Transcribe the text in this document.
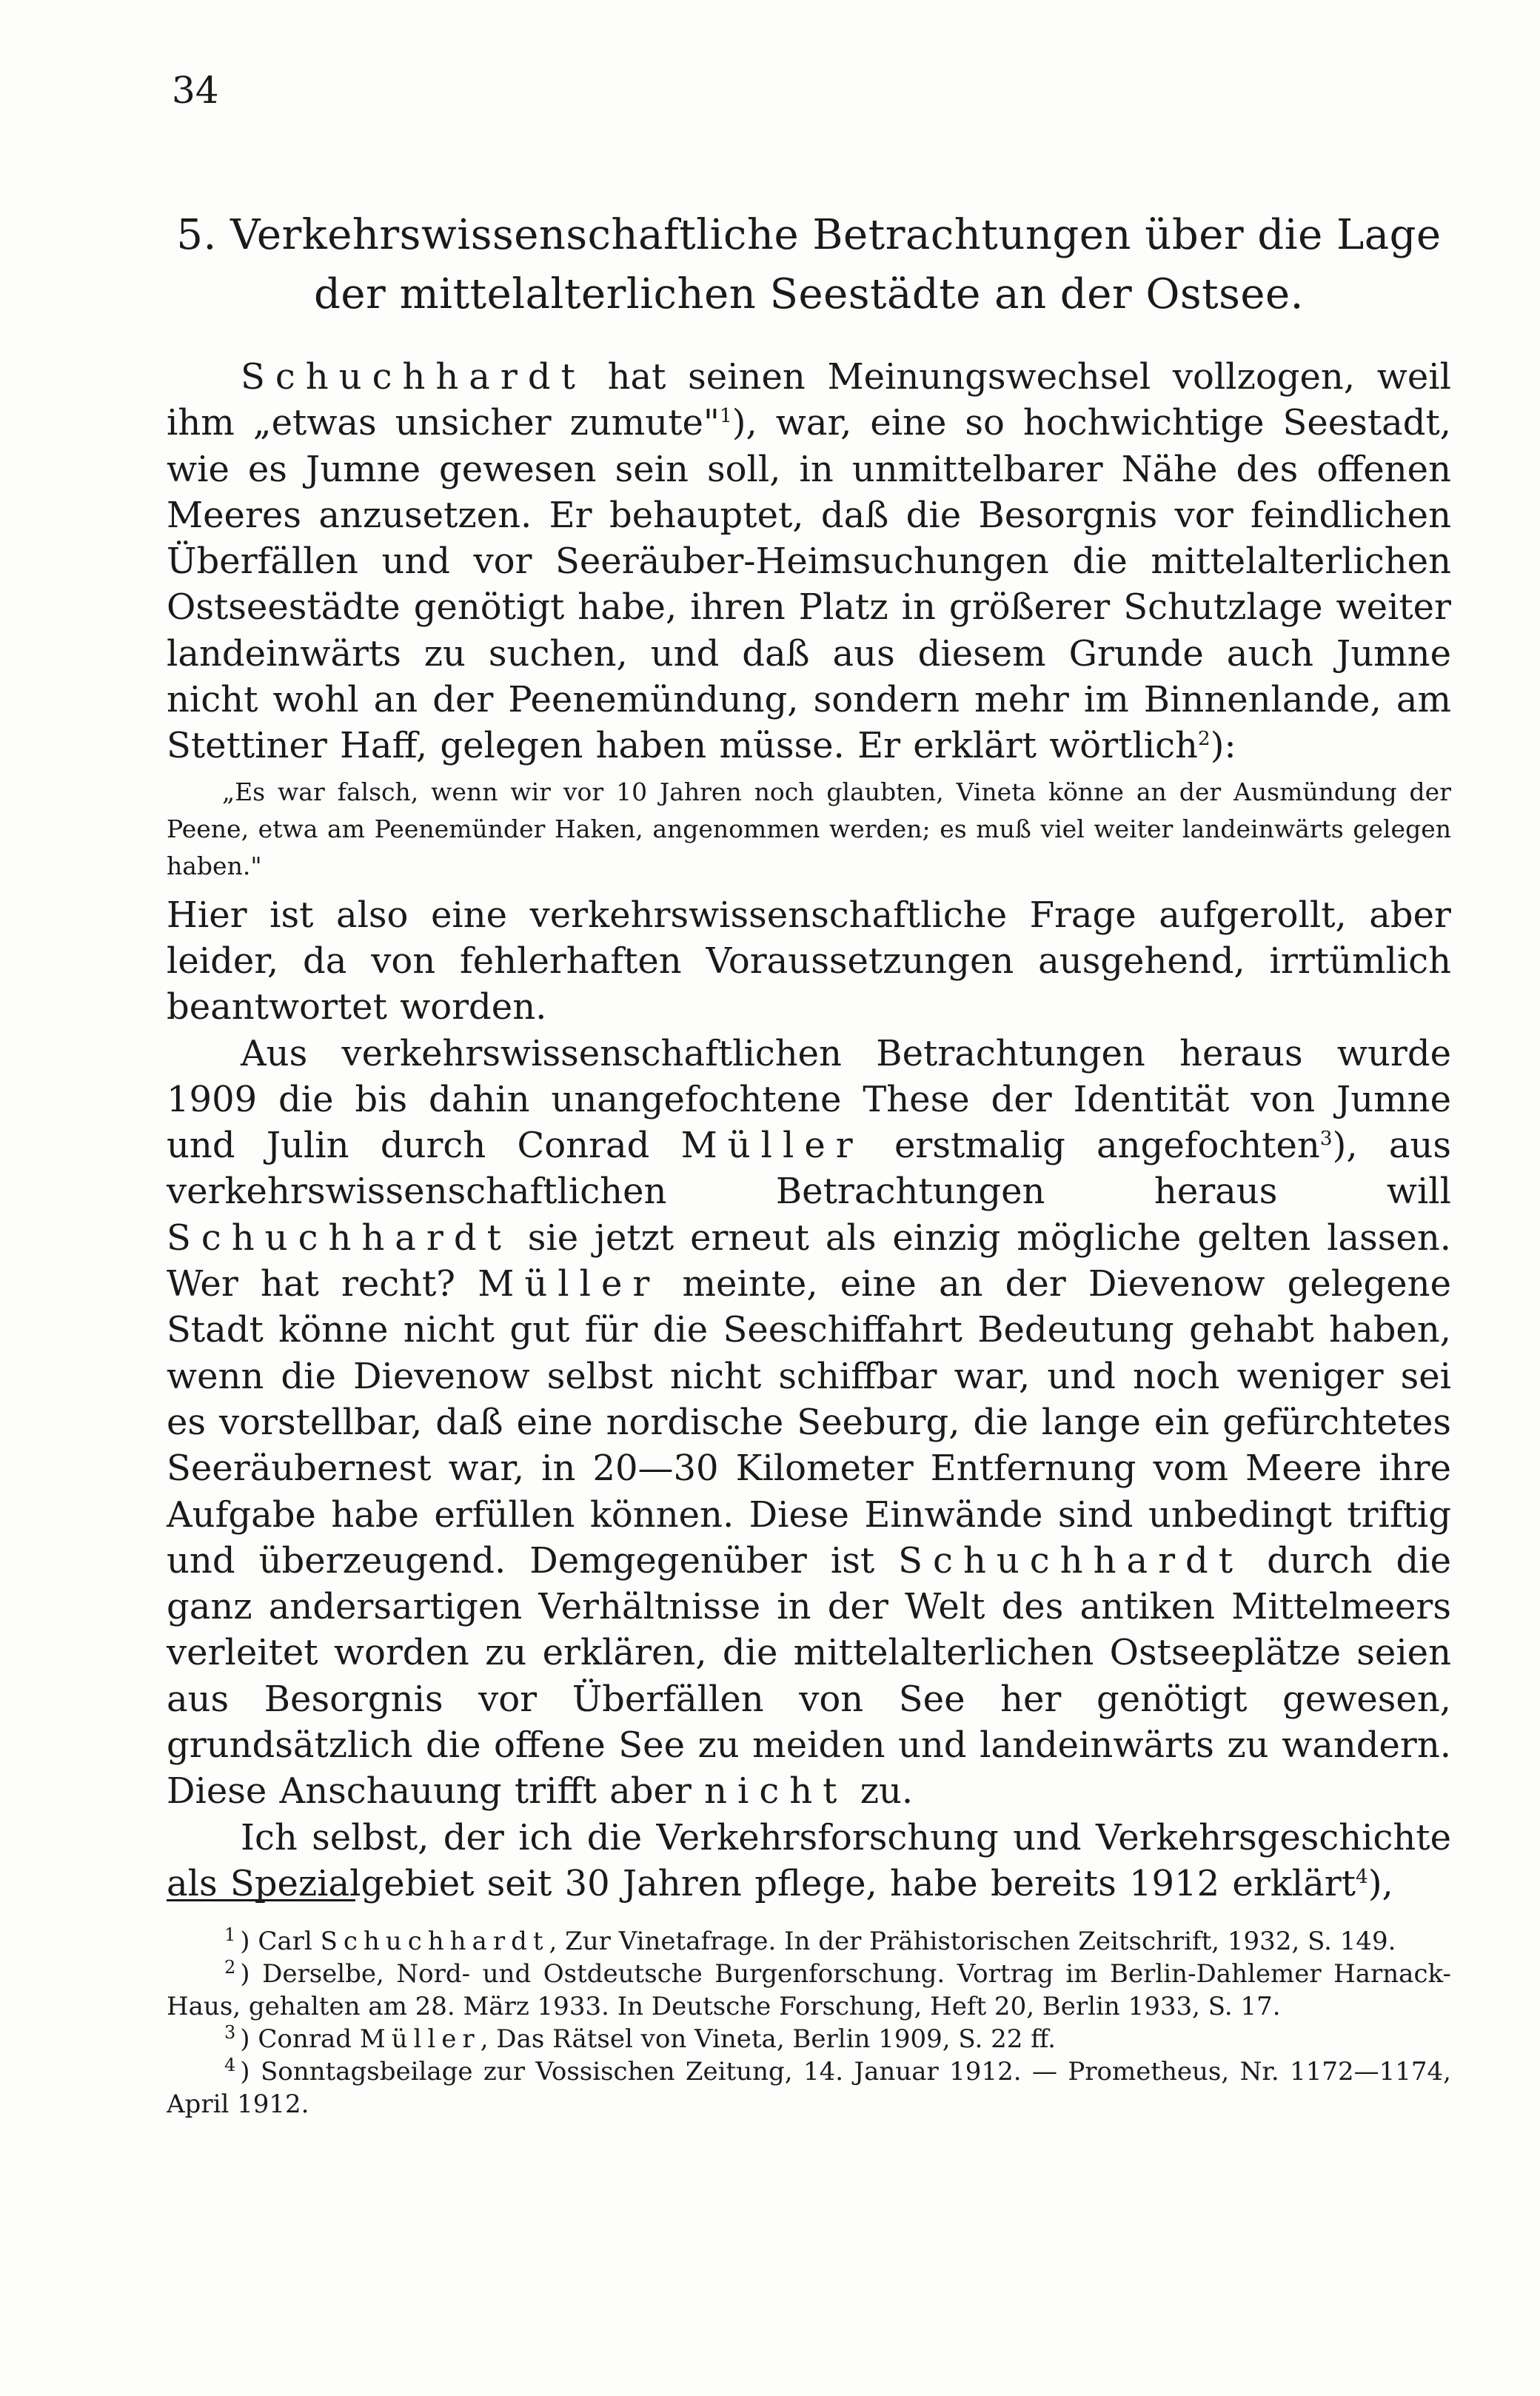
34
5. Verkehrswissenschaftliche Betrachtungen über die Lage der mittelalterlichen Seestädte an der Ostsee.

Schuchhardt hat seinen Meinungswechsel vollzogen, weil ihm „etwas unsicher zumute"$^1$), war, eine so hochwichtige Seestadt, wie es Jumne gewesen sein soll, in unmittelbarer Nähe des offenen Meeres anzusetzen. Er behauptet, daß die Besorgnis vor feindlichen Überfällen und vor Seeräuber-Heimsuchungen die mittelalterlichen Ostseestädte genötigt habe, ihren Platz in größerer Schutzlage weiter landeinwärts zu suchen, und daß aus diesem Grunde auch Jumne nicht wohl an der Peenemündung, sondern mehr im Binnenlande, am Stettiner Haff, gelegen haben müsse. Er erklärt wörtlich$^2$):

„Es war falsch, wenn wir vor 10 Jahren noch glaubten, Vineta könne an der Ausmündung der Peene, etwa am Peenemünder Haken, angenommen werden; es muß viel weiter landeinwärts gelegen haben."

Hier ist also eine verkehrswissenschaftliche Frage aufgerollt, aber leider, da von fehlerhaften Voraussetzungen ausgehend, irrtümlich beantwortet worden.

Aus verkehrswissenschaftlichen Betrachtungen heraus wurde 1909 die bis dahin unangefochtene These der Identität von Jumne und Julin durch Conrad Müller erstmalig angefochten$^3$), aus verkehrswissenschaftlichen Betrachtungen heraus will Schuchhardt sie jetzt erneut als einzig mögliche gelten lassen. Wer hat recht? Müller meinte, eine an der Dievenow gelegene Stadt könne nicht gut für die Seeschiffahrt Bedeutung gehabt haben, wenn die Dievenow selbst nicht schiffbar war, und noch weniger sei es vorstellbar, daß eine nordische Seeburg, die lange ein gefürchtetes Seeräubernest war, in 20—30 Kilometer Entfernung vom Meere ihre Aufgabe habe erfüllen können. Diese Einwände sind unbedingt triftig und überzeugend. Demgegenüber ist Schuchhardt durch die ganz andersartigen Verhältnisse in der Welt des antiken Mittelmeers verleitet worden zu erklären, die mittelalterlichen Ostseeplätze seien aus Besorgnis vor Überfällen von See her genötigt gewesen, grundsätzlich die offene See zu meiden und landeinwärts zu wandern. Diese Anschauung trifft aber nicht zu.

Ich selbst, der ich die Verkehrsforschung und Verkehrsgeschichte als Spezialgebiet seit 30 Jahren pflege, habe bereits 1912 erklärt$^4$),

$^1$ ) Carl Schuchhardt, Zur Vinetafrage. In der Prähistorischen Zeitschrift, 1932, S. 149.

$^2$ ) Derselbe, Nord- und Ostdeutsche Burgenforschung. Vortrag im Berlin-Dahlemer Harnack-Haus, gehalten am 28. März 1933. In Deutsche Forschung, Heft 20, Berlin 1933, S. 17.

$^3$ ) Conrad Müller, Das Rätsel von Vineta, Berlin 1909, S. 22 ff.

$^4$ ) Sonntagsbeilage zur Vossischen Zeitung, 14. Januar 1912. — Prometheus, Nr. 1172—1174, April 1912.
